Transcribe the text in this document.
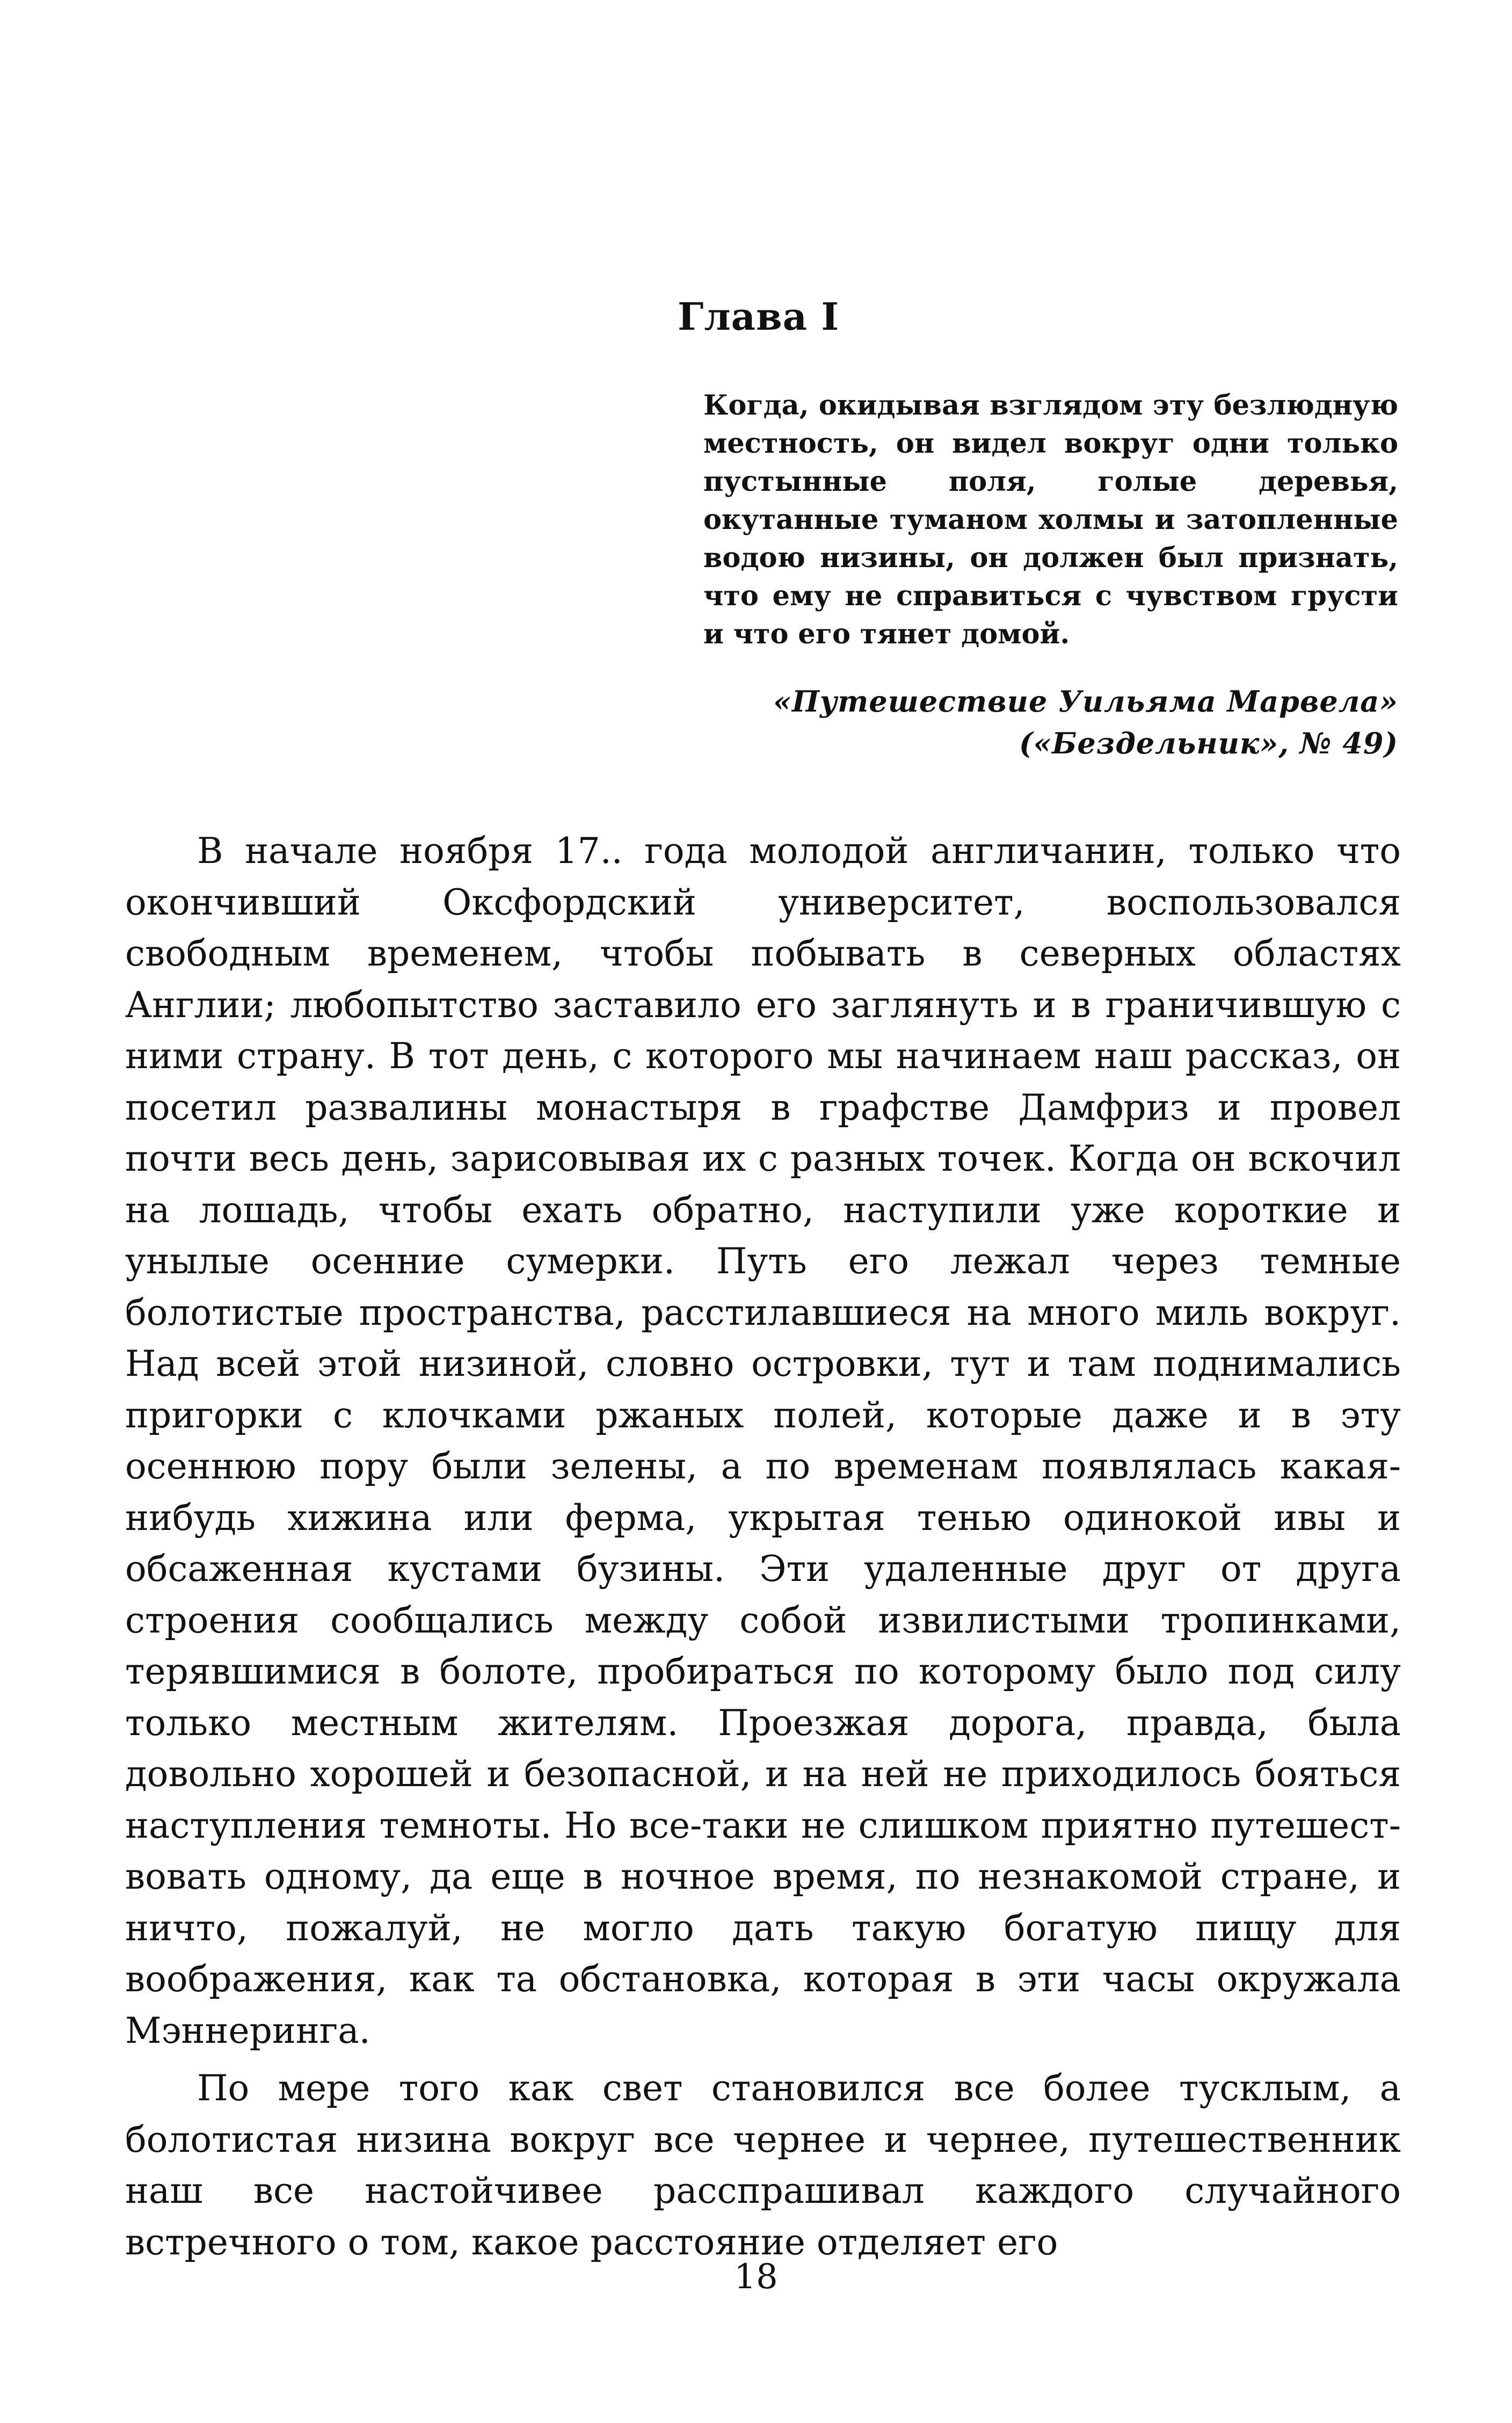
Глава I

Когда, окидывая взглядом эту безлюдную местность, он видел вокруг одни только пустынные поля, голые деревья, окутанные туманом холмы и затопленные водою низины, он должен был признать, что ему не справиться с чувством грусти и что его тянет домой.

«Путешествие Уильяма Марвела»
(«Бездельник», № 49)

В начале ноября 17.. года молодой англичанин, только что окончивший Оксфордский университет, воспользовался свободным временем, чтобы побывать в северных областях Англии; любопытство заставило его заглянуть и в граничившую с ними страну. В тот день, с которого мы начинаем наш рассказ, он посетил развалины монастыря в графстве Дамфриз и провел почти весь день, зарисовывая их с разных точек. Когда он вскочил на лошадь, чтобы ехать обратно, наступили уже короткие и унылые осенние сумерки. Путь его лежал через темные болотистые пространства, расстилавшиеся на много миль вокруг. Над всей этой низиной, словно островки, тут и там поднимались пригорки с клочками ржаных полей, которые даже и в эту осеннюю пору были зелены, а по временам появлялась какая-нибудь хижина или ферма, укрытая тенью одинокой ивы и обсаженная кустами бузины. Эти удаленные друг от друга строения сообщались между собой извилистыми тропинками, терявшимися в болоте, пробираться по которому было под силу только местным жителям. Проезжая дорога, правда, была довольно хорошей и безопасной, и на ней не приходилось бояться наступления темноты. Но все-таки не слишком приятно путешествовать одному, да еще в ночное время, по незнакомой стране, и ничто, пожалуй, не могло дать такую богатую пищу для воображения, как та обстановка, которая в эти часы окружала Мэннеринга.

По мере того как свет становился все более тусклым, а болотистая низина вокруг все чернее и чернее, путешественник наш все настойчивее расспрашивал каждого случайного встречного о том, какое расстояние отделяет его

18
